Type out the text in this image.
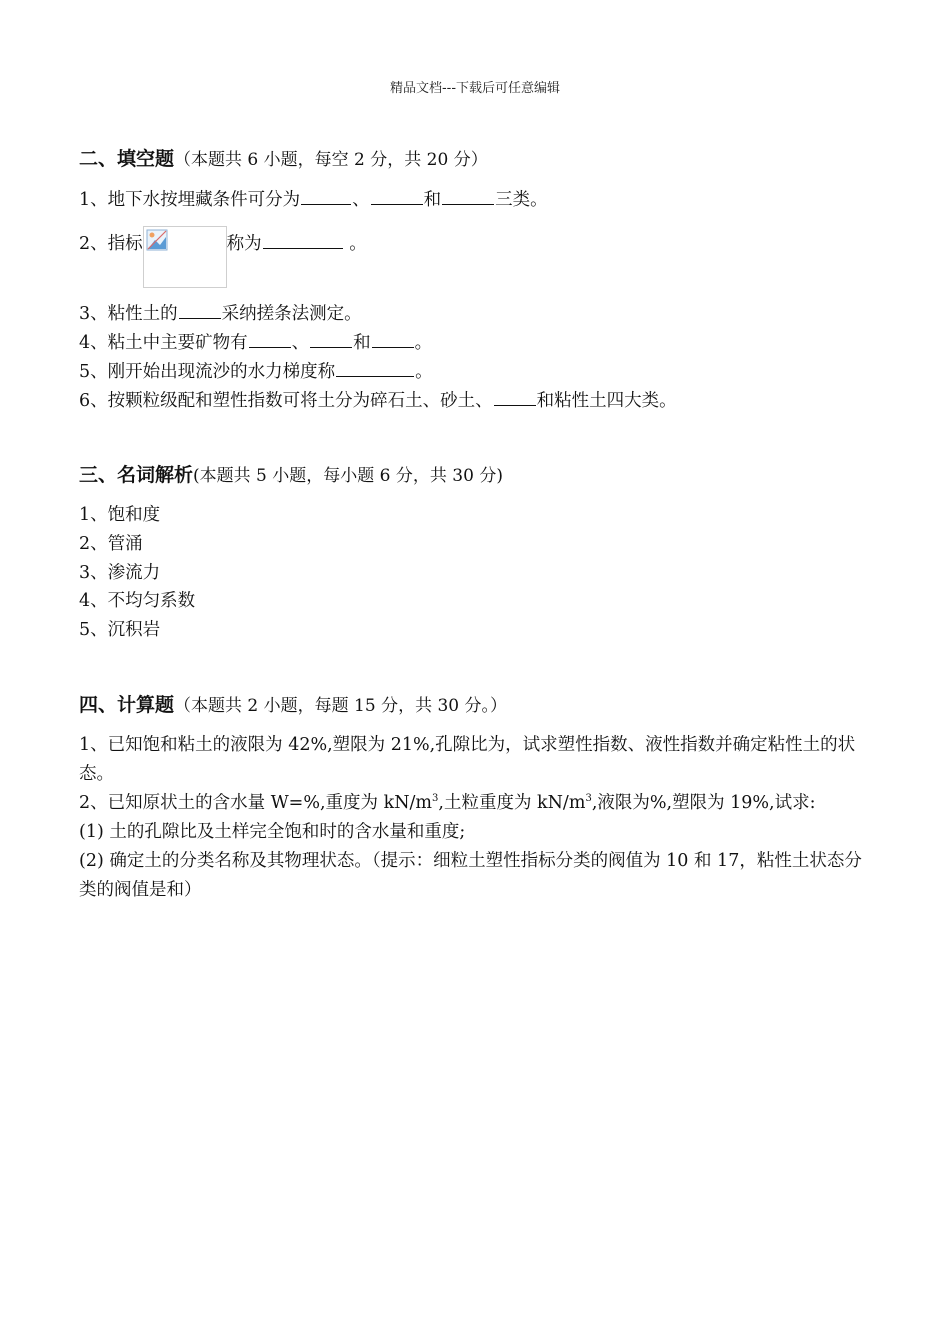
精品文档---下载后可任意编辑
二、填空题（本题共 6 小题，每空 2 分，共 20 分）
1、地下水按埋藏条件可分为	、	和	三类。
2、指标	称为	。
3、粘性土的	采纳搓条法测定。
4、粘土中主要矿物有	、	和	。
5、刚开始出现流沙的水力梯度称	。
6、按颗粒级配和塑性指数可将土分为碎石土、砂土、	和粘性土四大类。
三、名词解析(本题共 5 小题，每小题 6 分，共 30 分)
1、饱和度
2、管涌
3、渗流力
4、不均匀系数
5、沉积岩
四、计算题（本题共 2 小题，每题 15 分，共 30 分。）
1、已知饱和粘土的液限为 42%,塑限为 21%,孔隙比为，试求塑性指数、液性指数并确定粘性土的状态。
2、已知原状土的含水量 W=%,重度为 $kN/m^3$,土粒重度为 $kN/m^3$,液限为%,塑限为 19%,试求:
(1) 土的孔隙比及土样完全饱和时的含水量和重度;
(2) 确定土的分类名称及其物理状态。（提示：细粒土塑性指标分类的阀值为 10 和 17，粘性土状态分类的阀值是和）
